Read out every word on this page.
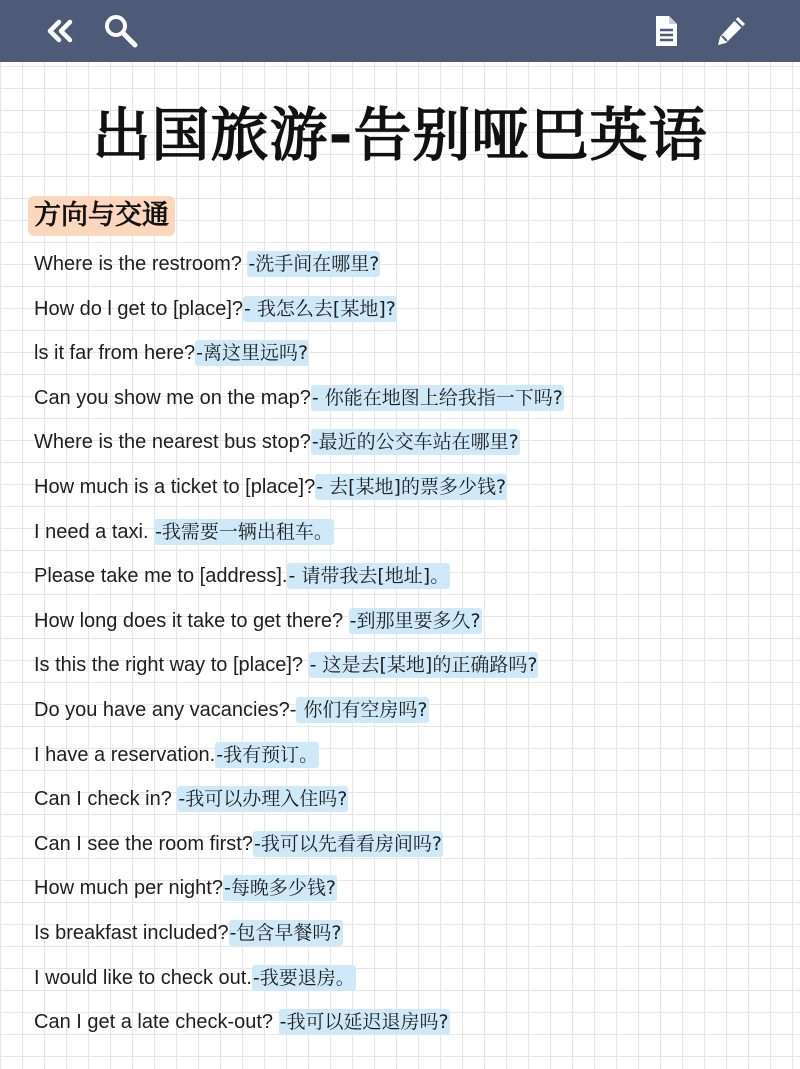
出国旅游-告别哑巴英语
方向与交通
Where is the restroom? -洗手间在哪里?
How do l get to [place]?- 我怎么去[某地]?
ls it far from here?-离这里远吗?
Can you show me on the map?- 你能在地图上给我指一下吗?
Where is the nearest bus stop?-最近的公交车站在哪里?
How much is a ticket to [place]?- 去[某地]的票多少钱?
I need a taxi. -我需要一辆出租车。
Please take me to [address].- 请带我去[地址]。
How long does it take to get there? -到那里要多久?
Is this the right way to [place]? - 这是去[某地]的正确路吗?
Do you have any vacancies?- 你们有空房吗?
I have a reservation.-我有预订。
Can I check in? -我可以办理入住吗?
Can I see the room first?-我可以先看看房间吗?
How much per night?-每晚多少钱?
Is breakfast included?-包含早餐吗?
I would like to check out.-我要退房。
Can I get a late check-out? -我可以延迟退房吗?
